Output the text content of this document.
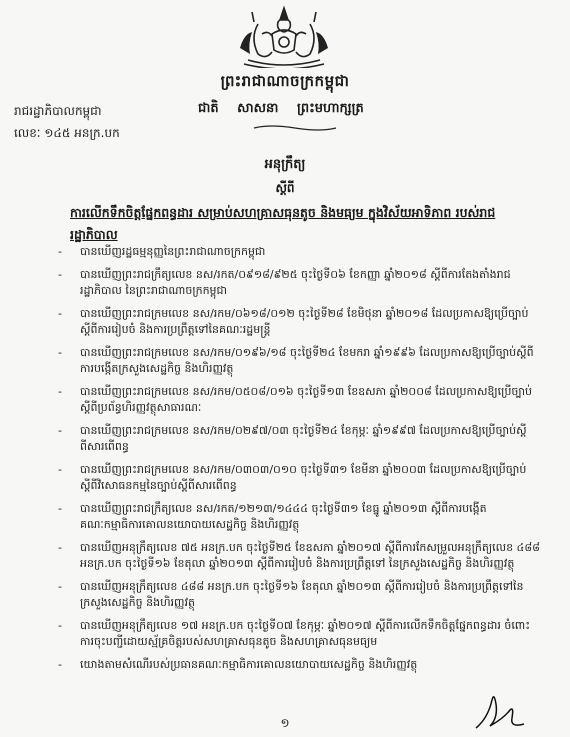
ព្រះរាជាណាចក្រកម្ពុជា
រាជរដ្ឋាភិបាលកម្ពុជា
លេខៈ ១៤៥ អនក្រ.បក
ជាតិ សាសនា ព្រះមហាក្សត្រ
អនុក្រឹត្យ
ស្តីពី
ការលើកទឹកចិត្តផ្នែកពន្ធដារ សម្រាប់សហគ្រាសធុនតូច និងមធ្យម ក្នុងវិស័យអាទិភាព របស់រាជរដ្ឋាភិបាល
- បានឃើញរដ្ឋធម្មនុញ្ញនៃព្រះរាជាណាចក្រកម្ពុជា
- បានឃើញព្រះរាជក្រឹត្យលេខ នស/រកត/០៩១៨/៩២៥ ចុះថ្ងៃទី០៦ ខែកញ្ញា ឆ្នាំ២០១៨ ស្តីពីការតែងតាំងរាជរដ្ឋាភិបាល នៃព្រះរាជាណាចក្រកម្ពុជា
- បានឃើញព្រះរាជក្រមលេខ នស/រកម/០៦១៨/០១២ ចុះថ្ងៃទី២៨ ខែមិថុនា ឆ្នាំ២០១៨ ដែលប្រកាសឱ្យប្រើច្បាប់ស្តីពីការរៀបចំ និងការប្រព្រឹត្តទៅនៃគណៈរដ្ឋមន្ត្រី
- បានឃើញព្រះរាជក្រមលេខ នស/រកម/០១៩៦/១៨ ចុះថ្ងៃទី២៤ ខែមករា ឆ្នាំ១៩៩៦ ដែលប្រកាសឱ្យប្រើច្បាប់ស្តីពីការបង្កើតក្រសួងសេដ្ឋកិច្ច និងហិរញ្ញវត្ថុ
- បានឃើញព្រះរាជក្រមលេខ នស/រកម/០៥០៨/០១៦ ចុះថ្ងៃទី១៣ ខែឧសភា ឆ្នាំ២០០៨ ដែលប្រកាសឱ្យប្រើច្បាប់ស្តីពីប្រព័ន្ធហិរញ្ញវត្ថុសាធារណៈ
- បានឃើញព្រះរាជក្រមលេខ នស/រកម/០២៩៧/០៣ ចុះថ្ងៃទី២៤ ខែកុម្ភៈ ឆ្នាំ១៩៩៧ ដែលប្រកាសឱ្យប្រើច្បាប់ស្តីពីសារពើពន្ធ
- បានឃើញព្រះរាជក្រមលេខ នស/រកម/០៣០៣/០១០ ចុះថ្ងៃទី៣១ ខែមីនា ឆ្នាំ២០០៣ ដែលប្រកាសឱ្យប្រើច្បាប់ស្តីពីវិសោធនកម្មនៃច្បាប់ស្តីពីសារពើពន្ធ
- បានឃើញព្រះរាជក្រឹត្យលេខ នស/រកត/១២១៣/១៤៤៤ ចុះថ្ងៃទី៣១ ខែធ្នូ ឆ្នាំ២០១៣ ស្តីពីការបង្កើតគណៈកម្មាធិការគោលនយោបាយសេដ្ឋកិច្ច និងហិរញ្ញវត្ថុ
- បានឃើញអនុក្រឹត្យលេខ ៧៥ អនក្រ.បក ចុះថ្ងៃទី២៥ ខែឧសភា ឆ្នាំ២០១៧ ស្តីពីការកែសម្រួលអនុក្រឹត្យលេខ ៤៨៨ អនក្រ.បក ចុះថ្ងៃទី១៦ ខែតុលា ឆ្នាំ២០១៣ ស្តីពីការរៀបចំ និងការប្រព្រឹត្តទៅ នៃក្រសួងសេដ្ឋកិច្ច និងហិរញ្ញវត្ថុ
- បានឃើញអនុក្រឹត្យលេខ ៤៨៨ អនក្រ.បក ចុះថ្ងៃទី១៦ ខែតុលា ឆ្នាំ២០១៣ ស្តីពីការរៀបចំ និងការប្រព្រឹត្តទៅនៃក្រសួងសេដ្ឋកិច្ច និងហិរញ្ញវត្ថុ
- បានឃើញអនុក្រឹត្យលេខ ១៧ អនក្រ.បក ចុះថ្ងៃទី០៧ ខែកុម្ភៈ ឆ្នាំ២០១៧ ស្តីពីការលើកទឹកចិត្តផ្នែកពន្ធដារ ចំពោះការចុះបញ្ជីដោយស្ម័គ្រចិត្តរបស់សហគ្រាសធុនតូច និងសហគ្រាសធុនមធ្យម
- យោងតាមសំណើរបស់ប្រធានគណៈកម្មាធិការគោលនយោបាយសេដ្ឋកិច្ច និងហិរញ្ញវត្ថុ
១
